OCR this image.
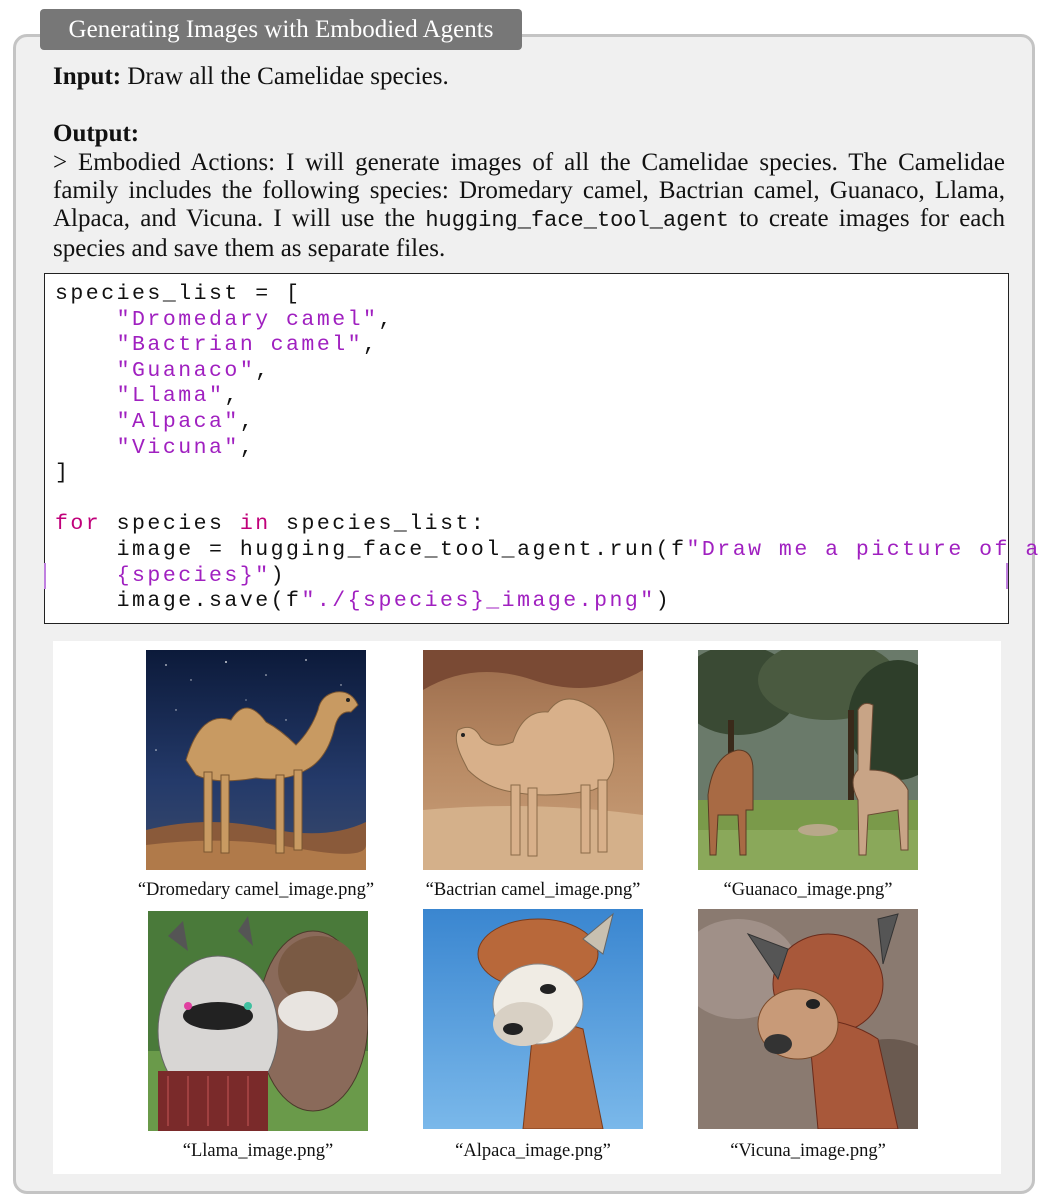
Generating Images with Embodied Agents
Input: Draw all the Camelidae species.
Output:
> Embodied Actions: I will generate images of all the Camelidae species. The Camelidae family includes the following species: Dromedary camel, Bactrian camel, Guanaco, Llama, Alpaca, and Vicuna. I will use the hugging_face_tool_agent to create images for each species and save them as separate files.
species_list = [
"Dromedary camel",
"Bactrian camel",
"Guanaco",
"Llama",
"Alpaca",
"Vicuna",
]

for species in species_list:
image = hugging_face_tool_agent.run(f"Draw me a picture of a
{species}")
image.save(f"./{species}_image.png")
“Dromedary camel_image.png”	“Bactrian camel_image.png”	“Guanaco_image.png”
“Llama_image.png”	“Alpaca_image.png”	“Vicuna_image.png”
